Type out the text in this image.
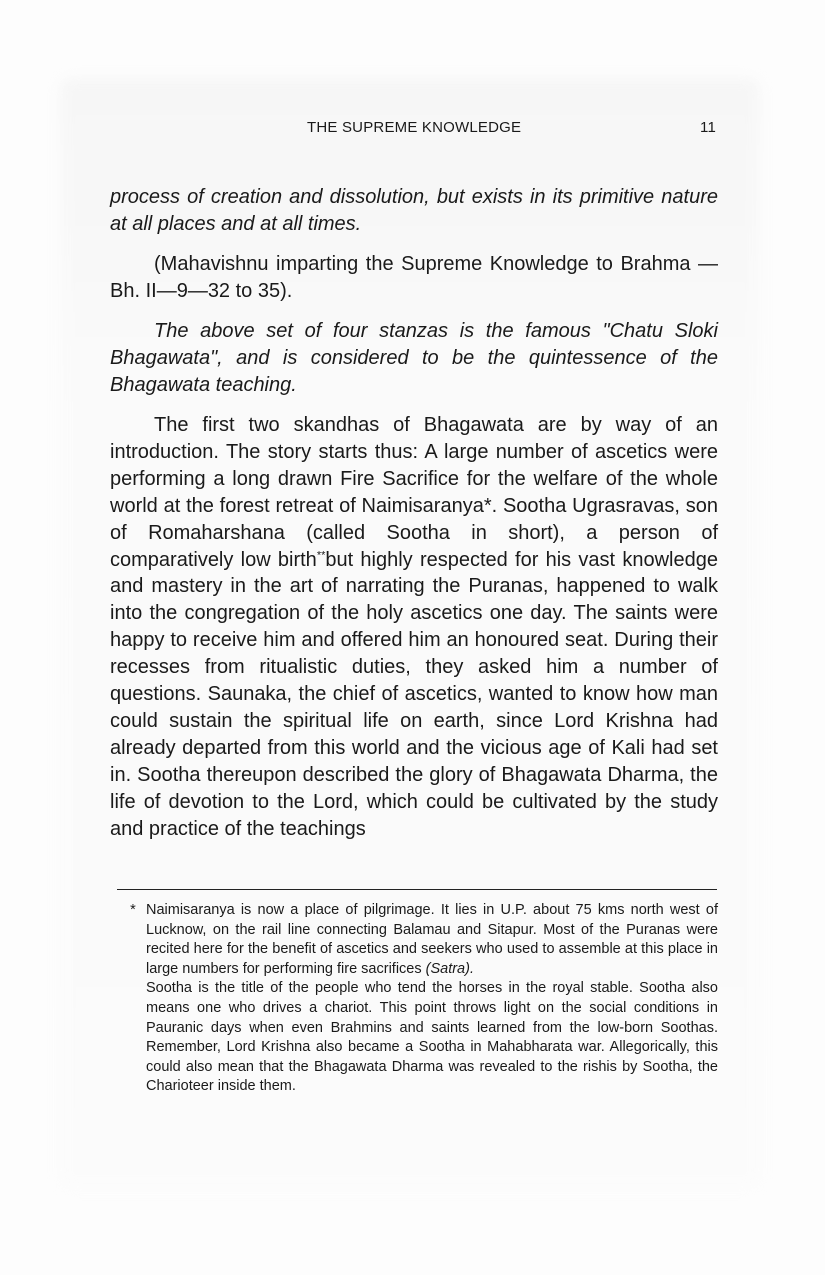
THE SUPREME KNOWLEDGE	11

process of creation and dissolution, but exists in its primitive nature at all places and at all times.

(Mahavishnu imparting the Supreme Knowledge to Brahma — Bh. II—9—32 to 35).

The above set of four stanzas is the famous "Chatu Sloki Bhagawata", and is considered to be the quintessence of the Bhagawata teaching.

The first two skandhas of Bhagawata are by way of an introduction. The story starts thus: A large number of ascetics were performing a long drawn Fire Sacrifice for the welfare of the whole world at the forest retreat of Naimisaranya*. Sootha Ugrasravas, son of Romaharshana (called Sootha in short), a person of comparatively low birth**but highly respected for his vast knowledge and mastery in the art of narrating the Puranas, happened to walk into the congregation of the holy ascetics one day. The saints were happy to receive him and offered him an honoured seat. During their recesses from ritualistic duties, they asked him a number of questions. Saunaka, the chief of ascetics, wanted to know how man could sustain the spiritual life on earth, since Lord Krishna had already departed from this world and the vicious age of Kali had set in. Sootha thereupon described the glory of Bhagawata Dharma, the life of devotion to the Lord, which could be cultivated by the study and practice of the teachings

* Naimisaranya is now a place of pilgrimage. It lies in U.P. about 75 kms north west of Lucknow, on the rail line connecting Balamau and Sitapur. Most of the Puranas were recited here for the benefit of ascetics and seekers who used to assemble at this place in large numbers for performing fire sacrifices (Satra).

Sootha is the title of the people who tend the horses in the royal stable. Sootha also means one who drives a chariot. This point throws light on the social conditions in Pauranic days when even Brahmins and saints learned from the low-born Soothas. Remember, Lord Krishna also became a Sootha in Mahabharata war. Allegorically, this could also mean that the Bhagawata Dharma was revealed to the rishis by Sootha, the Charioteer inside them.
